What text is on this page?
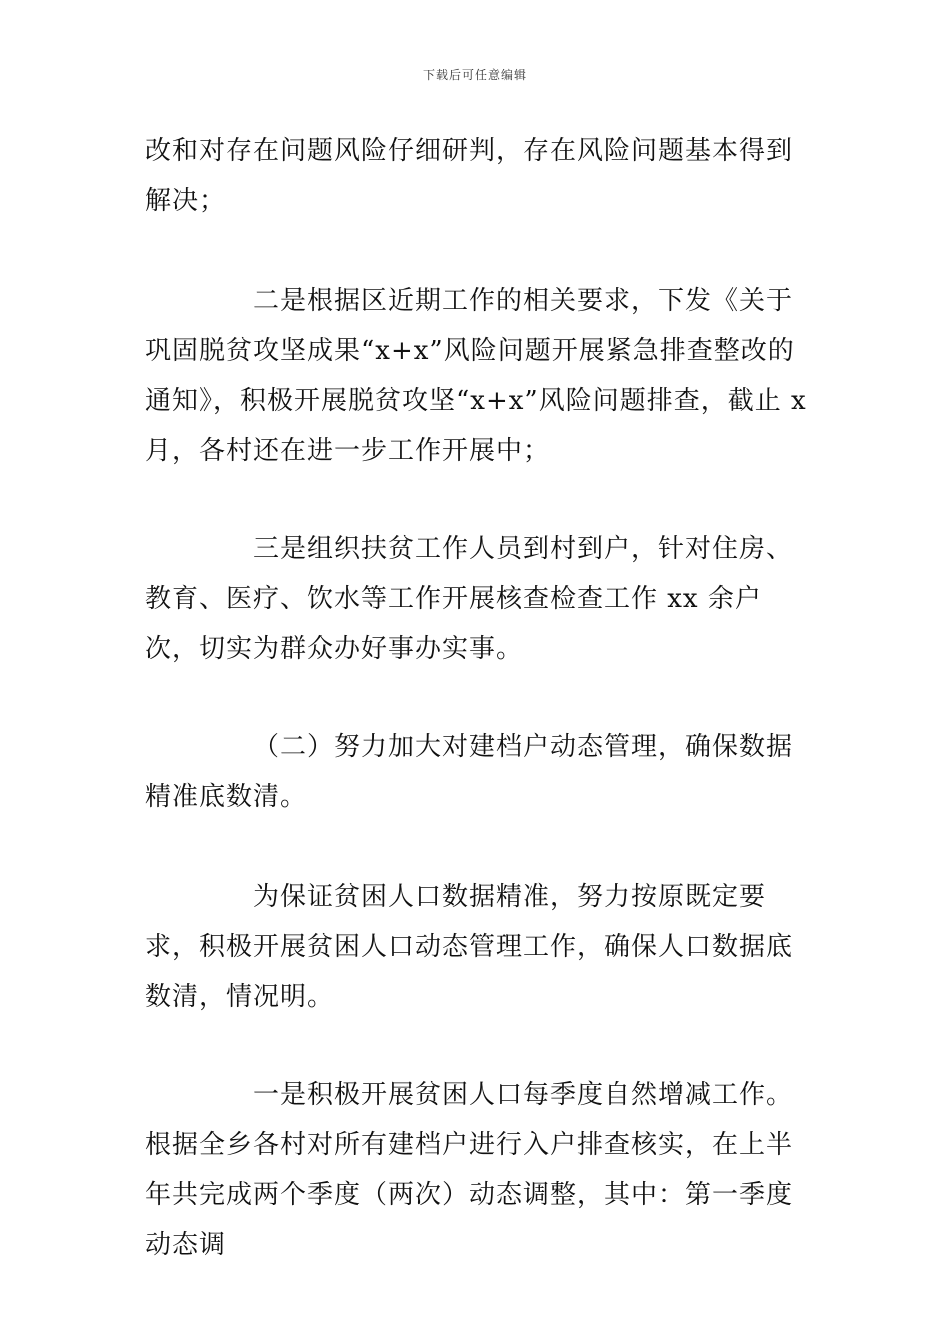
下载后可任意编辑

改和对存在问题风险仔细研判，存在风险问题基本得到解决；

二是根据区近期工作的相关要求，下发《关于巩固脱贫攻坚成果“x+x”风险问题开展紧急排查整改的通知》，积极开展脱贫攻坚“x+x”风险问题排查，截止 x 月，各村还在进一步工作开展中；

三是组织扶贫工作人员到村到户，针对住房、教育、医疗、饮水等工作开展核查检查工作 xx 余户次，切实为群众办好事办实事。

（二）努力加大对建档户动态管理，确保数据精准底数清。

为保证贫困人口数据精准，努力按原既定要求，积极开展贫困人口动态管理工作，确保人口数据底数清，情况明。

一是积极开展贫困人口每季度自然增减工作。根据全乡各村对所有建档户进行入户排查核实，在上半年共完成两个季度（两次）动态调整，其中：第一季度动态调
